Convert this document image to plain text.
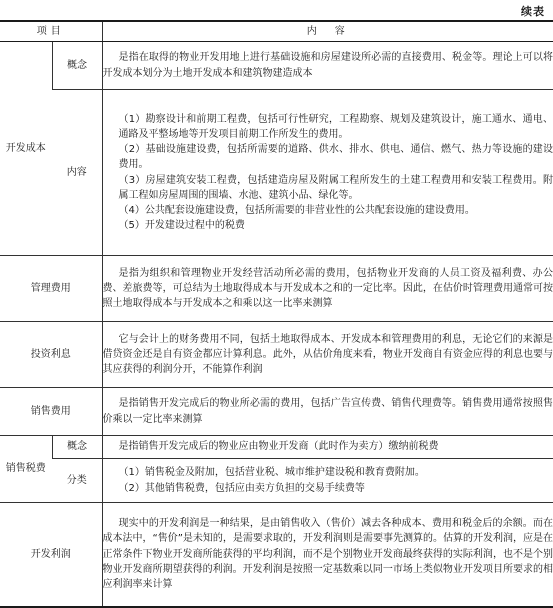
续表
项目		内　容
开发成本	概念	是指在取得的物业开发用地上进行基础设施和房屋建设所必需的直接费用、税金等。理论上可以将开发成本划分为土地开发成本和建筑物建造成本

	内容	（1）勘察设计和前期工程费，包括可行性研究，工程勘察、规划及建筑设计，施工通水、通电、通路及平整场地等开发项目前期工作所发生的费用。

（2）基础设施建设费，包括所需要的道路、供水、排水、供电、通信、燃气、热力等设施的建设费用。

（3）房屋建筑安装工程费，包括建造房屋及附属工程所发生的土建工程费用和安装工程费用。附属工程如房屋周围的围墙、水池、建筑小品、绿化等。

（4）公共配套设施建设费，包括所需要的非营业性的公共配套设施的建设费用。

（5）开发建设过程中的税费

管理费用		是指为组织和管理物业开发经营活动所必需的费用，包括物业开发商的人员工资及福利费、办公费、差旅费等，可总结为土地取得成本与开发成本之和的一定比率。因此，在估价时管理费用通常可按照土地取得成本与开发成本之和乘以这一比率来测算

投资利息		它与会计上的财务费用不同，包括土地取得成本、开发成本和管理费用的利息，无论它们的来源是借贷资金还是自有资金都应计算利息。此外，从估价角度来看，物业开发商自有资金应得的利息也要与其应获得的利润分开，不能算作利润

销售费用		是指销售开发完成后的物业所必需的费用，包括广告宣传费、销售代理费等。销售费用通常按照售价乘以一定比率来测算

销售税费	概念	是指销售开发完成后的物业应由物业开发商（此时作为卖方）缴纳前税费

	分类	（1）销售税金及附加，包括营业税、城市维护建设税和教育费附加。

（2）其他销售税费，包括应由卖方负担的交易手续费等

开发利润		现实中的开发利润是一种结果，是由销售收入（售价）减去各种成本、费用和税金后的余额。而在成本法中，“售价”是未知的，是需要求取的，开发利润则是需要事先测算的。估算的开发利润，应是在正常条件下物业开发商所能获得的平均利润，而不是个别物业开发商最终获得的实际利润，也不是个别物业开发商所期望获得的利润。开发利润是按照一定基数乘以同一市场上类似物业开发项目所要求的相应利润率来计算
